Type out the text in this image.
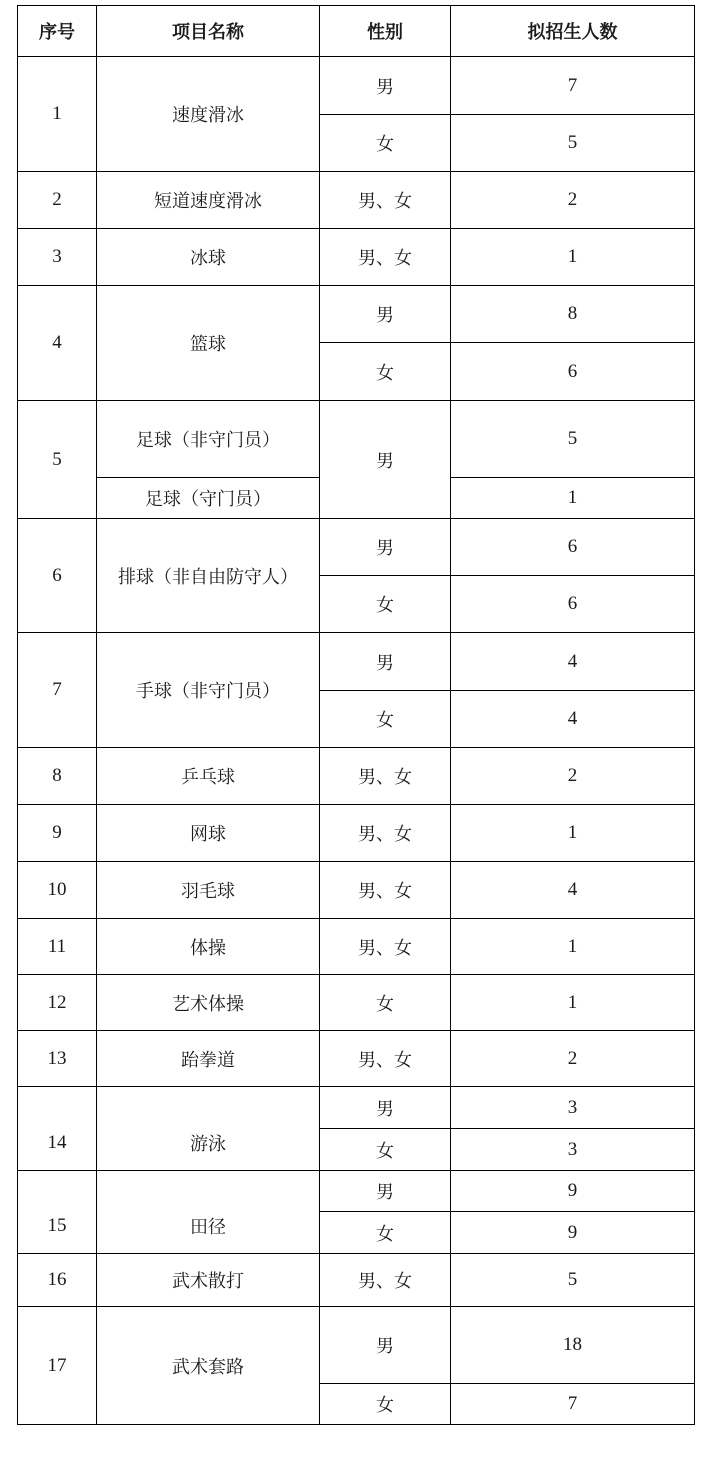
序号	项目名称	性别	拟招生人数
1	速度滑冰	男	7
		女	5
2	短道速度滑冰	男、女	2
3	冰球	男、女	1
4	篮球	男	8
		女	6
5	足球（非守门员）	男	5
	足球（守门员）		1
6	排球（非自由防守人）	男	6
		女	6
7	手球（非守门员）	男	4
		女	4
8	乒乓球	男、女	2
9	网球	男、女	1
10	羽毛球	男、女	4
11	体操	男、女	1
12	艺术体操	女	1
13	跆拳道	男、女	2
14	游泳	男	3
		女	3
15	田径	男	9
		女	9
16	武术散打	男、女	5
17	武术套路	男	18
		女	7
